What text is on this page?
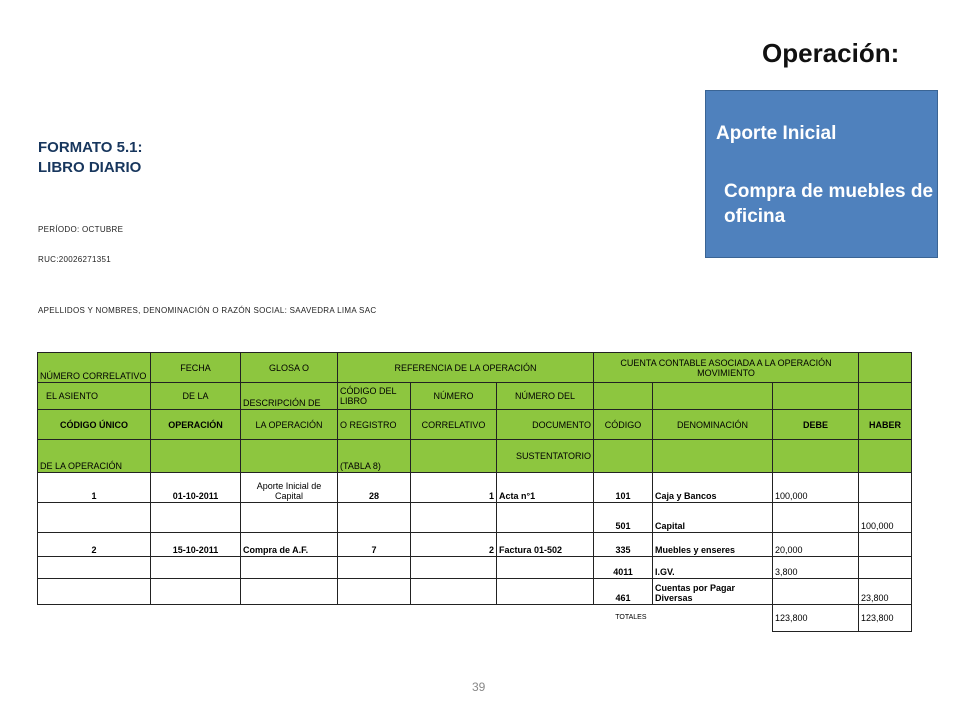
Operación:
Aporte Inicial
Compra de muebles de oficina
FORMATO 5.1:
LIBRO DIARIO
PERÍODO: OCTUBRE
RUC:20026271351
APELLIDOS Y NOMBRES, DENOMINACIÓN O RAZÓN SOCIAL: SAAVEDRA LIMA SAC
NÚMERO CORRELATIVO	FECHA	GLOSA O	REFERENCIA DE LA OPERACIÓN			CUENTA CONTABLE ASOCIADA A LA OPERACIÓN
MOVIMIENTO			

EL ASIENTO	DE LA	DESCRIPCIÓN DE	CÓDIGO DEL LIBRO	NÚMERO	NÚMERO DEL				
CÓDIGO ÚNICO	OPERACIÓN	LA OPERACIÓN	O REGISTRO	CORRELATIVO	DOCUMENTO	CÓDIGO	DENOMINACIÓN	DEBE	HABER
DE LA OPERACIÓN			(TABLA 8)		SUSTENTATORIO				
1	01-10-2011	Aporte Inicial de Capital	28	1	Acta n°1	101	Caja y Bancos	100,000	
						501	Capital		100,000
2	15-10-2011	Compra de A.F.	7	2	Factura 01-502	335	Muebles y enseres	20,000	
						4011	I.GV.	3,800	
						461	Cuentas por Pagar Diversas		23,800
TOTALES								123,800	123,800
39
